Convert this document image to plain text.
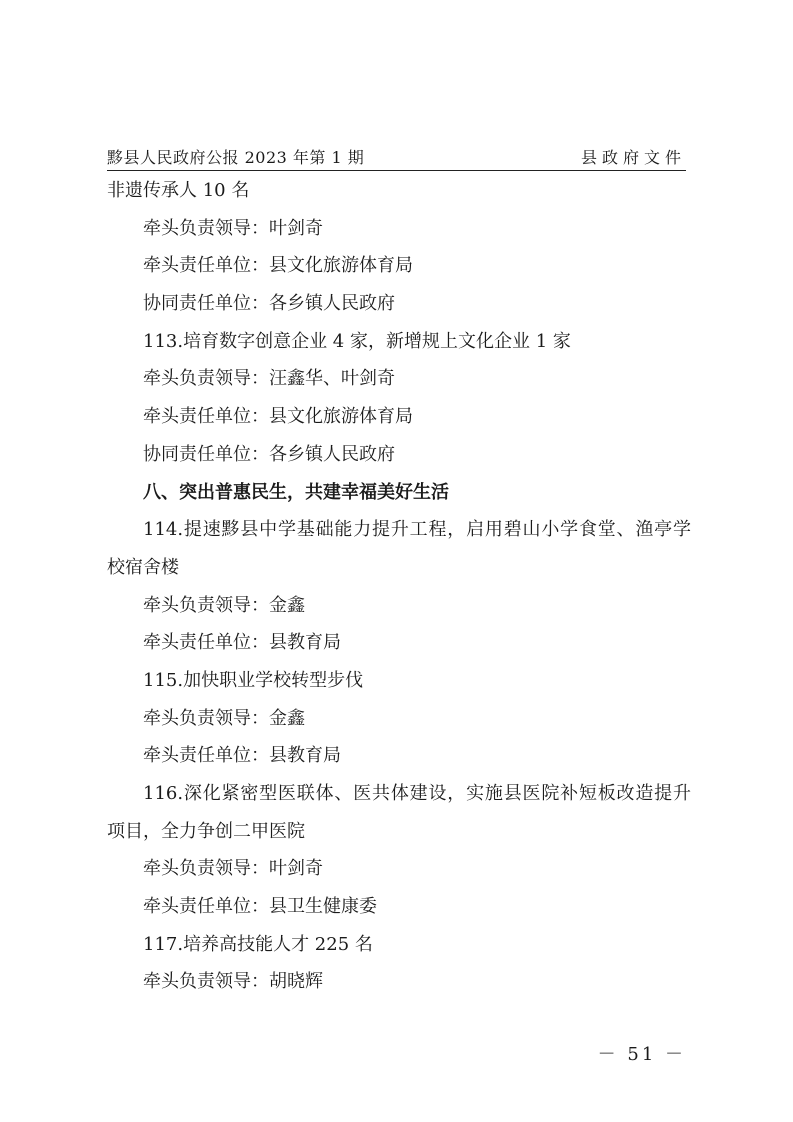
黟县人民政府公报 2023 年第 1 期	县政府文件
非遗传承人 10 名
牵头负责领导：叶剑奇
牵头责任单位：县文化旅游体育局
协同责任单位：各乡镇人民政府
113.培育数字创意企业 4 家，新增规上文化企业 1 家
牵头负责领导：汪鑫华、叶剑奇
牵头责任单位：县文化旅游体育局
协同责任单位：各乡镇人民政府
八、突出普惠民生，共建幸福美好生活
114.提速黟县中学基础能力提升工程，启用碧山小学食堂、渔亭学
校宿舍楼
牵头负责领导：金鑫
牵头责任单位：县教育局
115.加快职业学校转型步伐
牵头负责领导：金鑫
牵头责任单位：县教育局
116.深化紧密型医联体、医共体建设，实施县医院补短板改造提升
项目，全力争创二甲医院
牵头负责领导：叶剑奇
牵头责任单位：县卫生健康委
117.培养高技能人才 225 名
牵头负责领导：胡晓辉
－ 51 －
